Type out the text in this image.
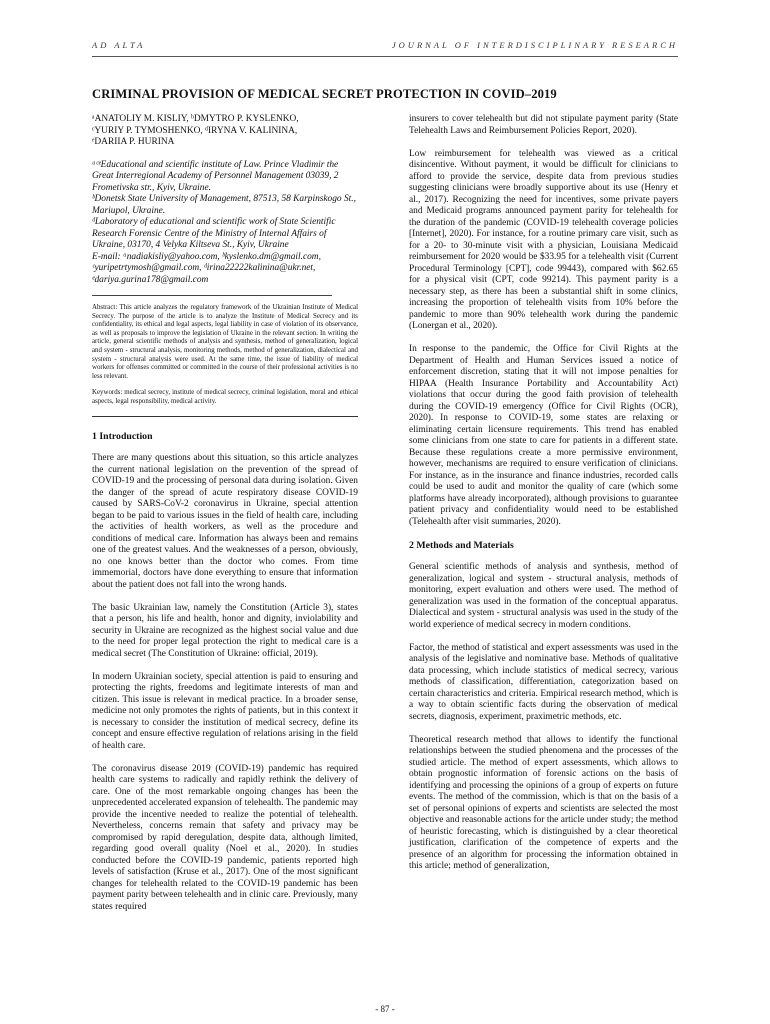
AD ALTA	JOURNAL OF INTERDISCIPLINARY RESEARCH
CRIMINAL PROVISION OF MEDICAL SECRET PROTECTION IN COVID–2019
ᵃANATOLIY M. KISLIY, ᵇDMYTRO P. KYSLENKO,
ᶜYURIY P. TYMOSHENKO, ᵈIRYNA V. KALININA,
ᵉDARIIA P. HURINA
ᵃᶜᵉEducational and scientific institute of Law. Prince Vladimir the Great Interregional Academy of Personnel Management 03039, 2 Frometivska str., Kyiv, Ukraine.
ᵇDonetsk State University of Management, 87513, 58 Karpinskogo St., Mariupol, Ukraine.
ᵈLaboratory of educational and scientific work of State Scientific Research Forensic Centre of the Ministry of Internal Affairs of Ukraine, 03170, 4 Velyka Kiltseva St., Kyiv, Ukraine
E-mail: ᵃnadiakisliy@yahoo.com, ᵇkyslenko.dm@gmail.com, ᶜyuripetrtymosh@gmail.com, ᵈirina22222kalinina@ukr.net, ᵉdariya.gurina178@gmail.com
Abstract: This article analyzes the regulatory framework of the Ukrainian Institute of Medical Secrecy. The purpose of the article is to analyze the Institute of Medical Secrecy and its confidentiality, its ethical and legal aspects, legal liability in case of violation of its observance, as well as proposals to improve the legislation of Ukraine in the relevant section. In writing the article, general scientific methods of analysis and synthesis, method of generalization, logical and system - structural analysis, monitoring methods, method of generalization, dialectical and system - structural analysis were used. At the same time, the issue of liability of medical workers for offenses committed or committed in the course of their professional activities is no less relevant.
Keywords: medical secrecy, institute of medical secrecy, criminal legislation, moral and ethical aspects, legal responsibility, medical activity.
1 Introduction

There are many questions about this situation, so this article analyzes the current national legislation on the prevention of the spread of COVID-19 and the processing of personal data during isolation. Given the danger of the spread of acute respiratory disease COVID-19 caused by SARS-CoV-2 coronavirus in Ukraine, special attention began to be paid to various issues in the field of health care, including the activities of health workers, as well as the procedure and conditions of medical care. Information has always been and remains one of the greatest values. And the weaknesses of a person, obviously, no one knows better than the doctor who comes. From time immemorial, doctors have done everything to ensure that information about the patient does not fall into the wrong hands.

The basic Ukrainian law, namely the Constitution (Article 3), states that a person, his life and health, honor and dignity, inviolability and security in Ukraine are recognized as the highest social value and due to the need for proper legal protection the right to medical care is a medical secret (The Constitution of Ukraine: official, 2019).

In modern Ukrainian society, special attention is paid to ensuring and protecting the rights, freedoms and legitimate interests of man and citizen. This issue is relevant in medical practice. In a broader sense, medicine not only promotes the rights of patients, but in this context it is necessary to consider the institution of medical secrecy, define its concept and ensure effective regulation of relations arising in the field of health care.

The coronavirus disease 2019 (COVID-19) pandemic has required health care systems to radically and rapidly rethink the delivery of care. One of the most remarkable ongoing changes has been the unprecedented accelerated expansion of telehealth. The pandemic may provide the incentive needed to realize the potential of telehealth. Nevertheless, concerns remain that safety and privacy may be compromised by rapid deregulation, despite data, although limited, regarding good overall quality (Noel et al., 2020). In studies conducted before the COVID-19 pandemic, patients reported high levels of satisfaction (Kruse et al., 2017). One of the most significant changes for telehealth related to the COVID-19 pandemic has been payment parity between telehealth and in clinic care. Previously, many states required

insurers to cover telehealth but did not stipulate payment parity (State Telehealth Laws and Reimbursement Policies Report, 2020).

Low reimbursement for telehealth was viewed as a critical disincentive. Without payment, it would be difficult for clinicians to afford to provide the service, despite data from previous studies suggesting clinicians were broadly supportive about its use (Henry et al., 2017). Recognizing the need for incentives, some private payers and Medicaid programs announced payment parity for telehealth for the duration of the pandemic (COVID-19 telehealth coverage policies [Internet], 2020). For instance, for a routine primary care visit, such as for a 20- to 30-minute visit with a physician, Louisiana Medicaid reimbursement for 2020 would be $33.95 for a telehealth visit (Current Procedural Terminology [CPT], code 99443), compared with $62.65 for a physical visit (CPT, code 99214). This payment parity is a necessary step, as there has been a substantial shift in some clinics, increasing the proportion of telehealth visits from 10% before the pandemic to more than 90% telehealth work during the pandemic (Lonergan et al., 2020).

In response to the pandemic, the Office for Civil Rights at the Department of Health and Human Services issued a notice of enforcement discretion, stating that it will not impose penalties for HIPAA (Health Insurance Portability and Accountability Act) violations that occur during the good faith provision of telehealth during the COVID-19 emergency (Office for Civil Rights (OCR), 2020). In response to COVID-19, some states are relaxing or eliminating certain licensure requirements. This trend has enabled some clinicians from one state to care for patients in a different state. Because these regulations create a more permissive environment, however, mechanisms are required to ensure verification of clinicians. For instance, as in the insurance and finance industries, recorded calls could be used to audit and monitor the quality of care (which some platforms have already incorporated), although provisions to guarantee patient privacy and confidentiality would need to be established (Telehealth after visit summaries, 2020).

2 Methods and Materials

General scientific methods of analysis and synthesis, method of generalization, logical and system - structural analysis, methods of monitoring, expert evaluation and others were used. The method of generalization was used in the formation of the conceptual apparatus. Dialectical and system - structural analysis was used in the study of the world experience of medical secrecy in modern conditions.

Factor, the method of statistical and expert assessments was used in the analysis of the legislative and nominative base. Methods of qualitative data processing, which include statistics of medical secrecy, various methods of classification, differentiation, categorization based on certain characteristics and criteria. Empirical research method, which is a way to obtain scientific facts during the observation of medical secrets, diagnosis, experiment, praximetric methods, etc.

Theoretical research method that allows to identify the functional relationships between the studied phenomena and the processes of the studied article. The method of expert assessments, which allows to obtain prognostic information of forensic actions on the basis of identifying and processing the opinions of a group of experts on future events. The method of the commission, which is that on the basis of a set of personal opinions of experts and scientists are selected the most objective and reasonable actions for the article under study; the method of heuristic forecasting, which is distinguished by a clear theoretical justification, clarification of the competence of experts and the presence of an algorithm for processing the information obtained in this article; method of generalization,

- 87 -
